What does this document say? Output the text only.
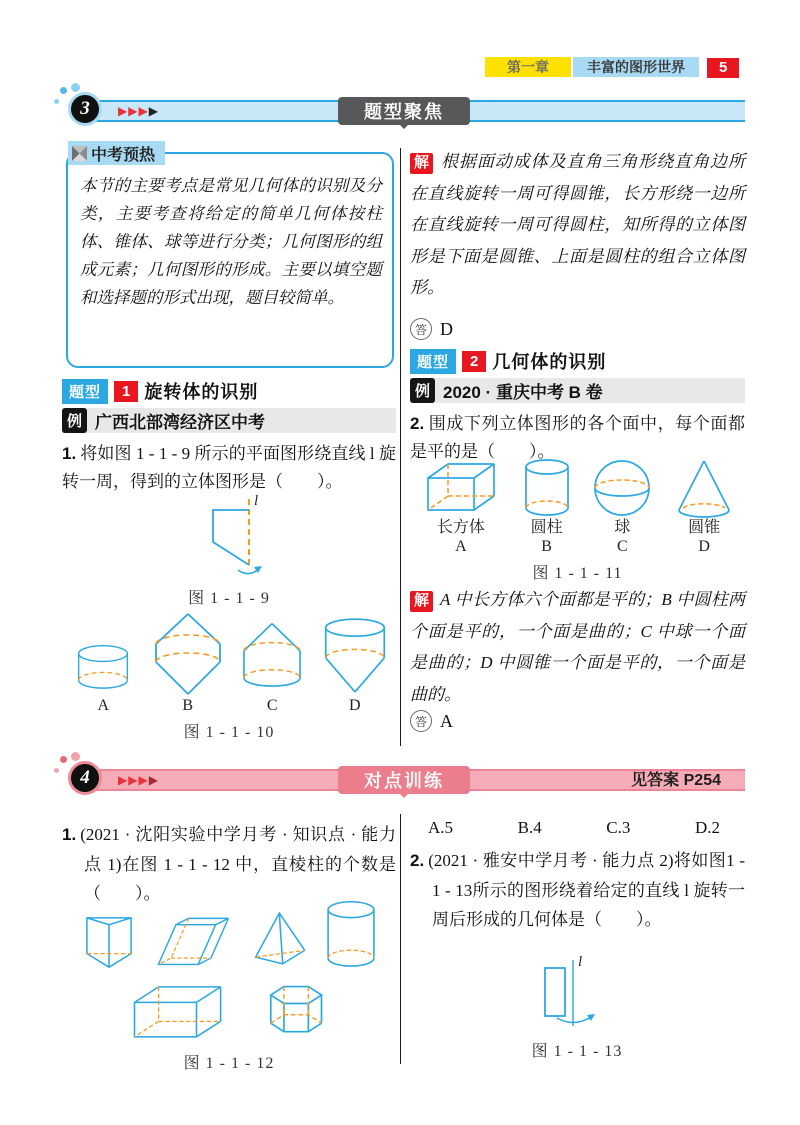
第一章	丰富的图形世界 5
3	▶▶▶▶	题型聚焦
中考预热
本节的主要考点是常见几何体的识别及分类，主要考查将给定的简单几何体按柱体、锥体、球等进行分类；几何图形的组成元素；几何图形的形成。主要以填空题和选择题的形式出现，题目较简单。
题型	1 旋转体的识别
例 广西北部湾经济区中考

1. 将如图 1 - 1 - 9 所示的平面图形绕直线 l 旋转一周，得到的立体图形是（　　）。

l
图 1 - 1 - 9
A	B	C	D
图 1 - 1 - 10

解 根据面动成体及直角三角形绕直角边所在直线旋转一周可得圆锥，长方形绕一边所在直线旋转一周可得圆柱，知所得的立体图形是下面是圆锥、上面是圆柱的组合立体图形。

答 D
题型	2 几何体的识别
例 2020 · 重庆中考 B 卷

2. 围成下列立体图形的各个面中，每个面都是平的是（　　）。

长方体
A
圆柱
B
球
C
圆锥
D
图 1 - 1 - 11

解 A 中长方体六个面都是平的；B 中圆柱两个面是平的，一个面是曲的；C 中球一个面是曲的；D 中圆锥一个面是平的，一个面是曲的。

答 A
见答案 P254
4	▶▶▶▶	对点训练

1. (2021 · 沈阳实验中学月考 · 知识点 · 能力点 1)在图 1 - 1 - 12 中，直棱柱的个数是（　　）。

图 1 - 1 - 12
A.5	B.4	C.3	D.2

2. (2021 · 雅安中学月考 · 能力点 2)将如图1 - 1 - 13所示的图形绕着给定的直线 l 旋转一周后形成的几何体是（　　）。

l
图 1 - 1 - 13
